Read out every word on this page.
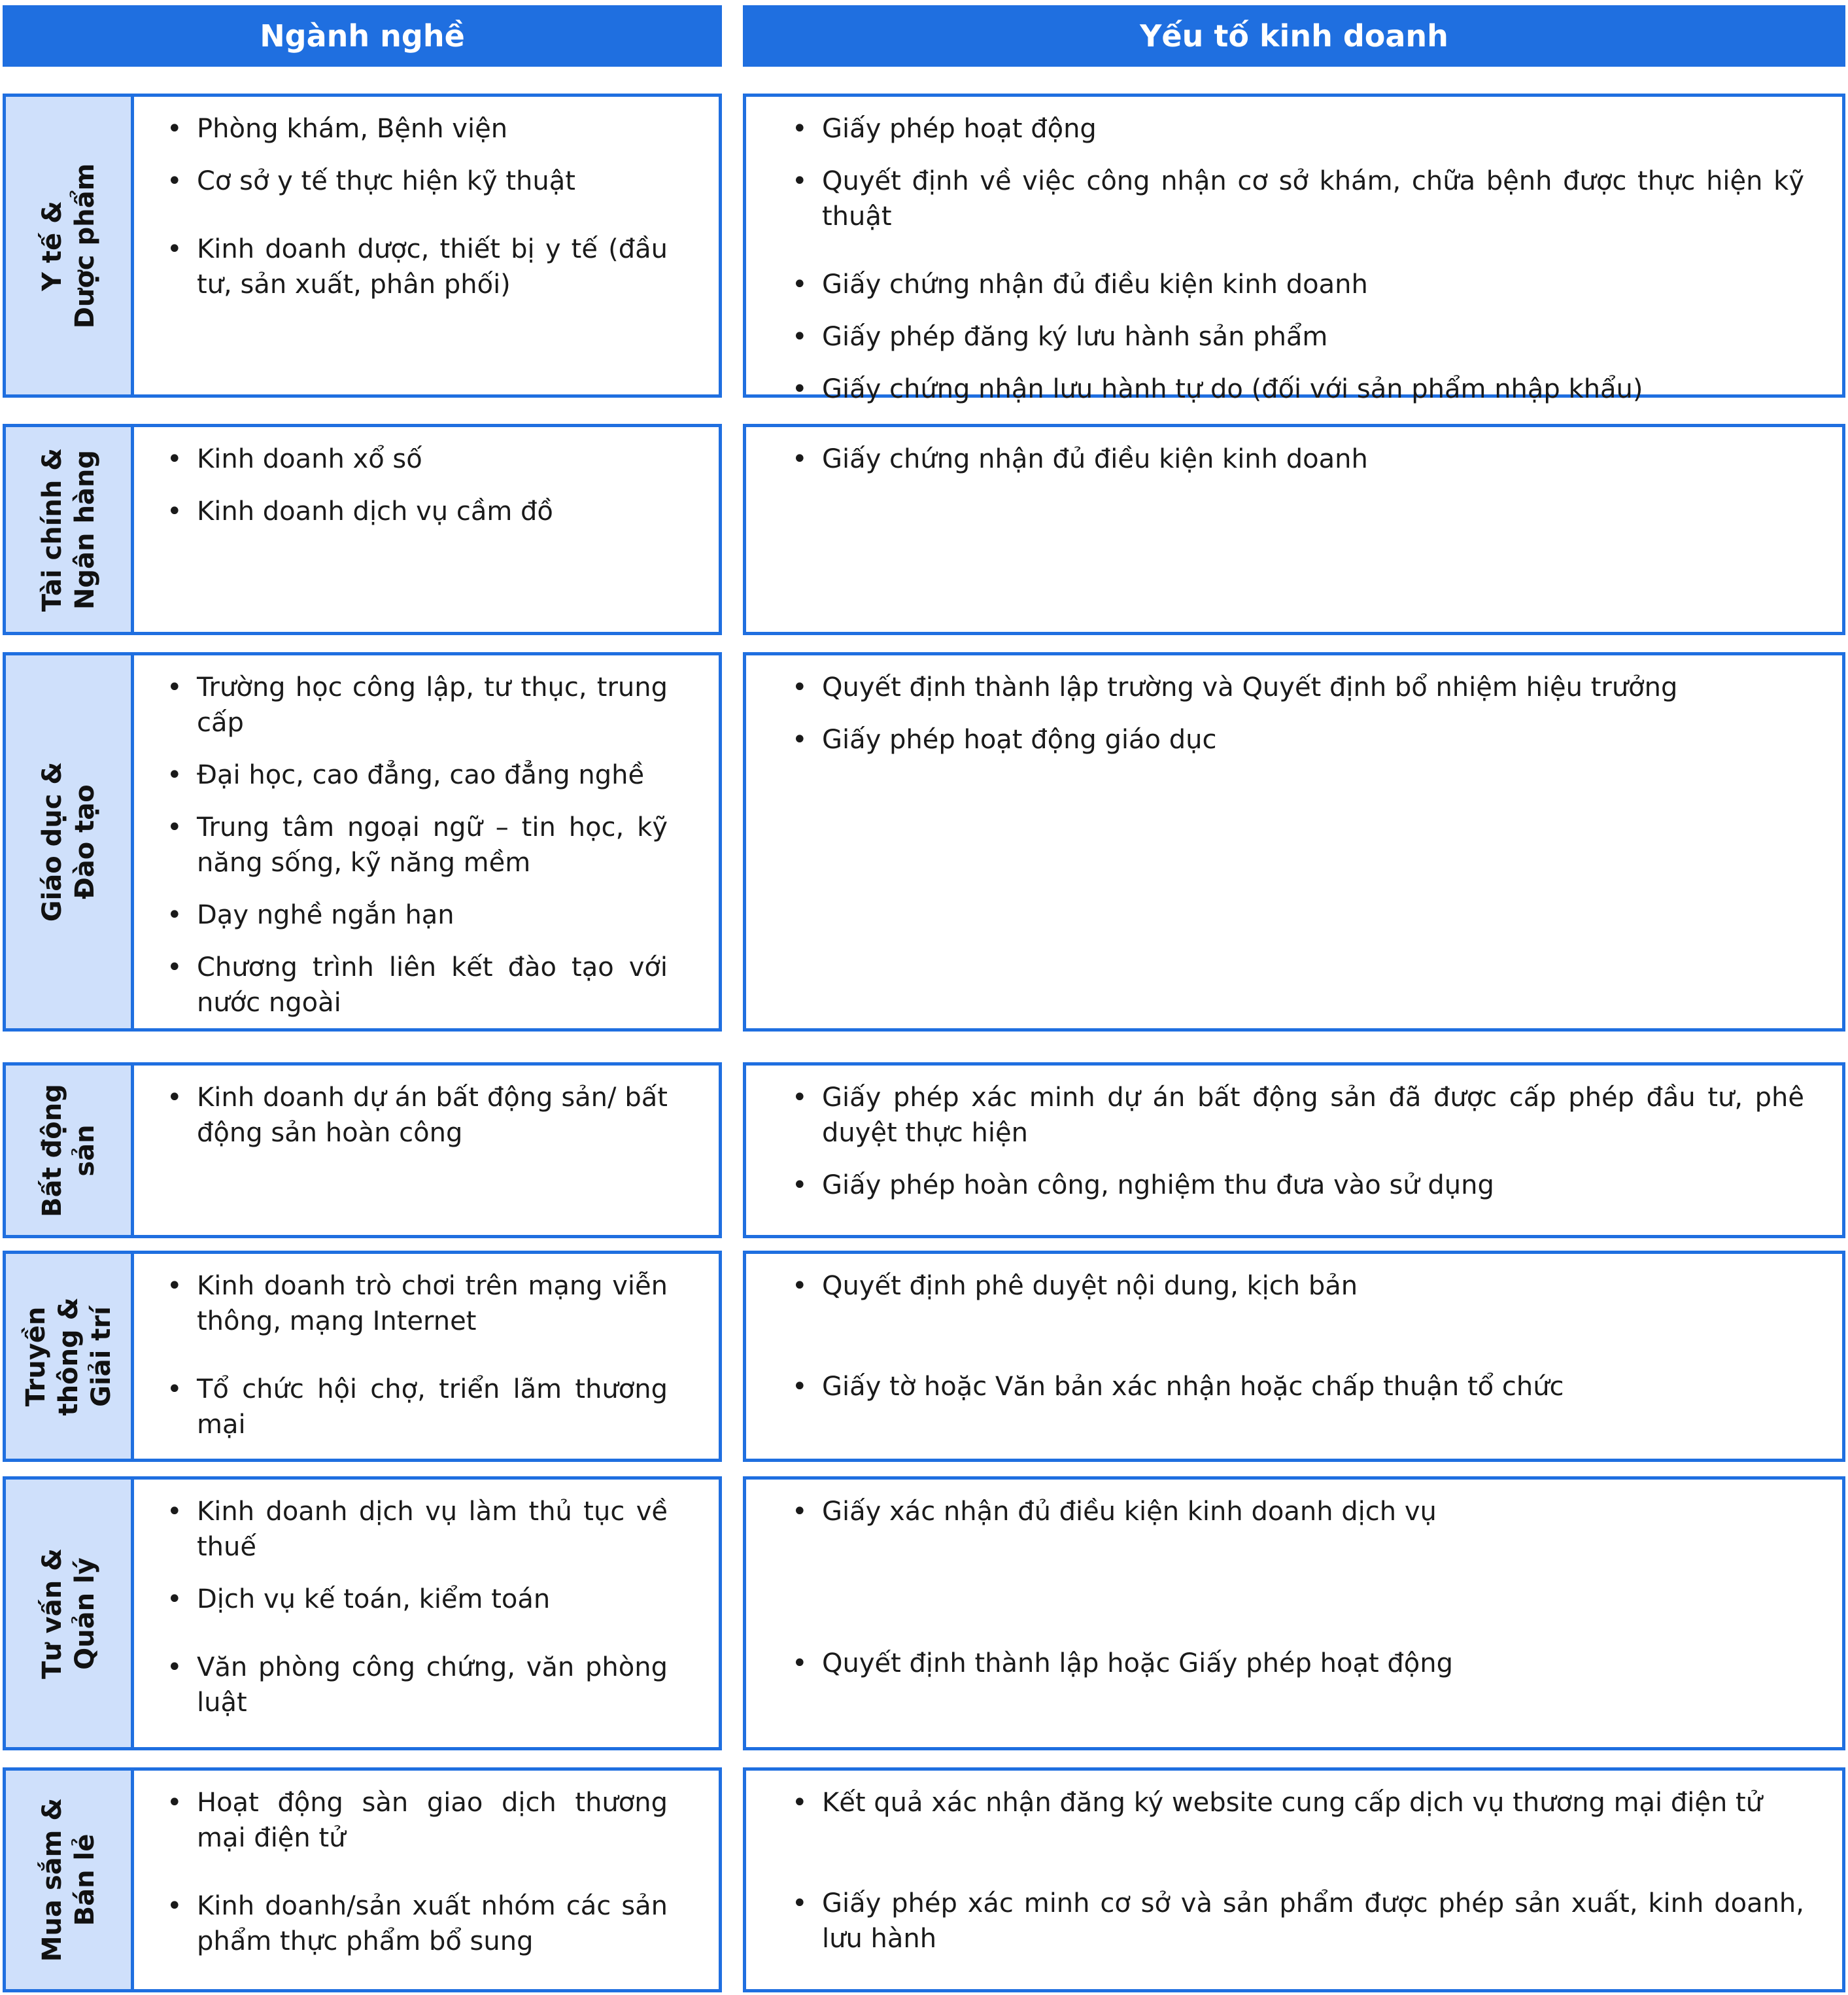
Ngành nghề	Yếu tố kinh doanh
Y tế &
Dược phẩm
• Phòng khám, Bệnh viện
• Cơ sở y tế thực hiện kỹ thuật
• Kinh doanh dược, thiết bị y tế (đầu tư, sản xuất, phân phối)
• Giấy phép hoạt động
• Quyết định về việc công nhận cơ sở khám, chữa bệnh được thực hiện kỹ thuật
• Giấy chứng nhận đủ điều kiện kinh doanh
• Giấy phép đăng ký lưu hành sản phẩm
• Giấy chứng nhận lưu hành tự do (đối với sản phẩm nhập khẩu)
Tài chính &
Ngân hàng
•	Kinh doanh xổ số
• Kinh doanh dịch vụ cầm đồ
• Giấy chứng nhận đủ điều kiện kinh doanh
Giáo dục &
Đào tạo
• Trường học công lập, tư thục, trung cấp
• Đại học, cao đẳng, cao đẳng nghề
• Trung tâm ngoại ngữ – tin học, kỹ năng sống, kỹ năng mềm
• Dạy nghề ngắn hạn
• Chương trình liên kết đào tạo với nước ngoài
• Quyết định thành lập trường và Quyết định bổ nhiệm hiệu trưởng
• Giấy phép hoạt động giáo dục
Bất động
sản
• Kinh doanh dự án bất động sản/ bất động sản hoàn công
• Giấy phép xác minh dự án bất động sản đã được cấp phép đầu tư, phê duyệt thực hiện
• Giấy phép hoàn công, nghiệm thu đưa vào sử dụng
Truyền
thông &
Giải trí
• Kinh doanh trò chơi trên mạng viễn thông, mạng Internet
• Tổ chức hội chợ, triển lãm thương mại
• Quyết định phê duyệt nội dung, kịch bản
• Giấy tờ hoặc Văn bản xác nhận hoặc chấp thuận tổ chức
Tư vấn &
Quản lý
• Kinh doanh dịch vụ làm thủ tục về thuế
• Dịch vụ kế toán, kiểm toán
• Văn phòng công chứng, văn phòng luật
• Giấy xác nhận đủ điều kiện kinh doanh dịch vụ
• Quyết định thành lập hoặc Giấy phép hoạt động
Mua sắm &
Bán lẻ
• Hoạt động sàn giao dịch thương mại điện tử
• Kinh doanh/sản xuất nhóm các sản phẩm thực phẩm bổ sung
• Kết quả xác nhận đăng ký website cung cấp dịch vụ thương mại điện tử
• Giấy phép xác minh cơ sở và sản phẩm được phép sản xuất, kinh doanh, lưu hành
